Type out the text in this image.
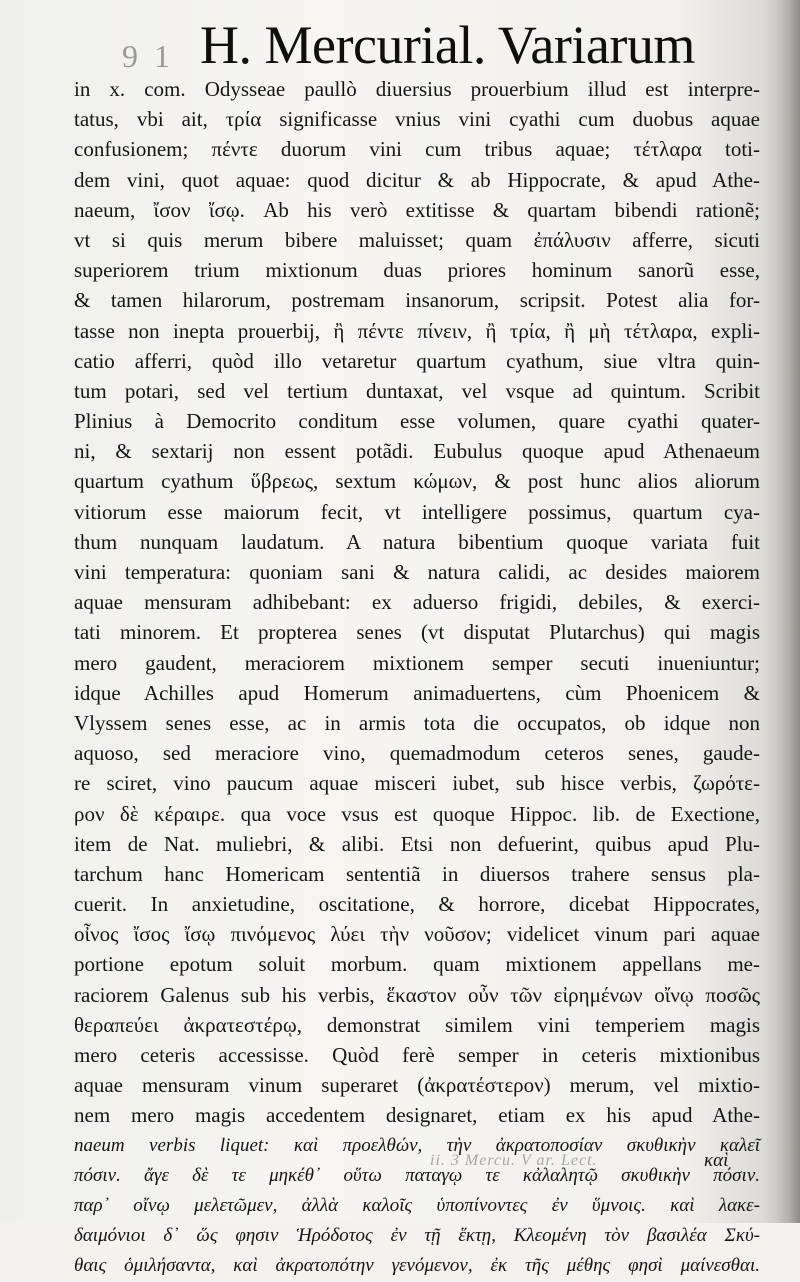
9 1 H. Mercurial. Variarum
in x. com. Odysseae paullò diuersius prouerbium illud est interpre-
tatus, vbi ait, τρία significasse vnius vini cyathi cum duobus aquae
confusionem; πέντε duorum vini cum tribus aquae; τέτλαρα toti-
dem vini, quot aquae: quod dicitur & ab Hippocrate, & apud Athe-
naeum, ἴσον ἴσῳ. Ab his verò extitisse & quartam bibendi rationẽ;
vt si quis merum bibere maluisset; quam ἐπάλυσιν afferre, sicuti
superiorem trium mixtionum duas priores hominum sanorũ esse,
& tamen hilarorum, postremam insanorum, scripsit. Potest alia for-
tasse non inepta prouerbij, ἢ πέντε πίνειν, ἢ τρία, ἢ μὴ τέτλαρα, expli-
catio afferri, quòd illo vetaretur quartum cyathum, siue vltra quin-
tum potari, sed vel tertium duntaxat, vel vsque ad quintum. Scribit
Plinius à Democrito conditum esse volumen, quare cyathi quater-
ni, & sextarij non essent potãdi. Eubulus quoque apud Athenaeum
quartum cyathum ὕβρεως, sextum κώμων, & post hunc alios aliorum
vitiorum esse maiorum fecit, vt intelligere possimus, quartum cya-
thum nunquam laudatum. A natura bibentium quoque variata fuit
vini temperatura: quoniam sani & natura calidi, ac desides maiorem
aquae mensuram adhibebant: ex aduerso frigidi, debiles, & exerci-
tati minorem. Et propterea senes (vt disputat Plutarchus) qui magis
mero gaudent, meraciorem mixtionem semper secuti inueniuntur;
idque Achilles apud Homerum animaduertens, cùm Phoenicem &
Vlyssem senes esse, ac in armis tota die occupatos, ob idque non
aquoso, sed meraciore vino, quemadmodum ceteros senes, gaude-
re sciret, vino paucum aquae misceri iubet, sub hisce verbis, ζωρότε-
ρον δὲ κέραιρε. qua voce vsus est quoque Hippoc. lib. de Exectione,
item de Nat. muliebri, & alibi. Etsi non defuerint, quibus apud Plu-
tarchum hanc Homericam sententiã in diuersos trahere sensus pla-
cuerit. In anxietudine, oscitatione, & horrore, dicebat Hippocrates,
οἶνος ἴσος ἴσῳ πινόμενος λύει τὴν νοῦσον; videlicet vinum pari aquae
portione epotum soluit morbum. quam mixtionem appellans me-
raciorem Galenus sub his verbis, ἕκαστον οὖν τῶν εἰρημένων οἴνῳ ποσῶς
θεραπεύει ἀκρατεστέρῳ, demonstrat similem vini temperiem magis
mero ceteris accessisse. Quòd ferè semper in ceteris mixtionibus
aquae mensuram vinum superaret (ἀκρατέστερον) merum, vel mixtio-
nem mero magis accedentem designaret, etiam ex his apud Athe-
naeum verbis liquet: καὶ προελθών, τὴν ἀκρατοποσίαν σκυθικὴν καλεῖ
πόσιν. ἄγε δὲ τε μηκέθ᾽ οὕτω παταγῳ τε κἀλαλητῷ σκυθικὴν πόσιν.
παρ᾽ οἴνῳ μελετῶμεν, ἀλλὰ καλοῖς ὑποπίνοντες ἐν ὕμνοις. καὶ λακε-
δαιμόνιοι δ᾽ ὥς φησιν Ἡρόδοτος ἐν τῇ ἕκτῃ, Κλεομένη τὸν βασιλέα Σκύ-
θαις ὁμιλήσαντα, καὶ ἀκρατοπότην γενόμενον, ἐκ τῆς μέθης φησὶ μαίνεσθαι.
ii. 3 Mercu. V ar. Lect.	καὶ
